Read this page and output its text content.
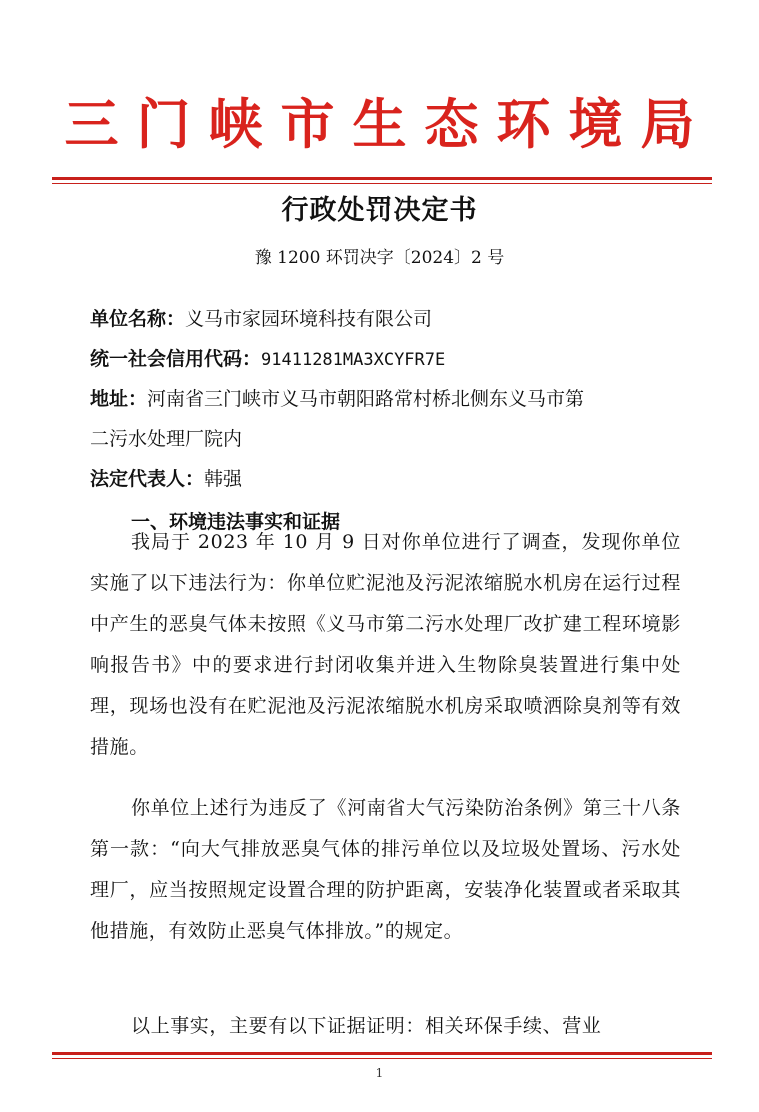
三门峡市生态环境局
行政处罚决定书
豫 1200 环罚决字〔2024〕2 号
单位名称：义马市家园环境科技有限公司
统一社会信用代码：91411281MA3XCYFR7E
地址：河南省三门峡市义马市朝阳路常村桥北侧东义马市第
二污水处理厂院内
法定代表人：韩强
一、环境违法事实和证据

我局于 2023 年 10 月 9 日对你单位进行了调查，发现你单位实施了以下违法行为：你单位贮泥池及污泥浓缩脱水机房在运行过程中产生的恶臭气体未按照《义马市第二污水处理厂改扩建工程环境影响报告书》中的要求进行封闭收集并进入生物除臭装置进行集中处理，现场也没有在贮泥池及污泥浓缩脱水机房采取喷洒除臭剂等有效措施。

你单位上述行为违反了《河南省大气污染防治条例》第三十八条第一款：“向大气排放恶臭气体的排污单位以及垃圾处置场、污水处理厂，应当按照规定设置合理的防护距离，安装净化装置或者采取其他措施，有效防止恶臭气体排放。”的规定。

以上事实，主要有以下证据证明：相关环保手续、营业

1
